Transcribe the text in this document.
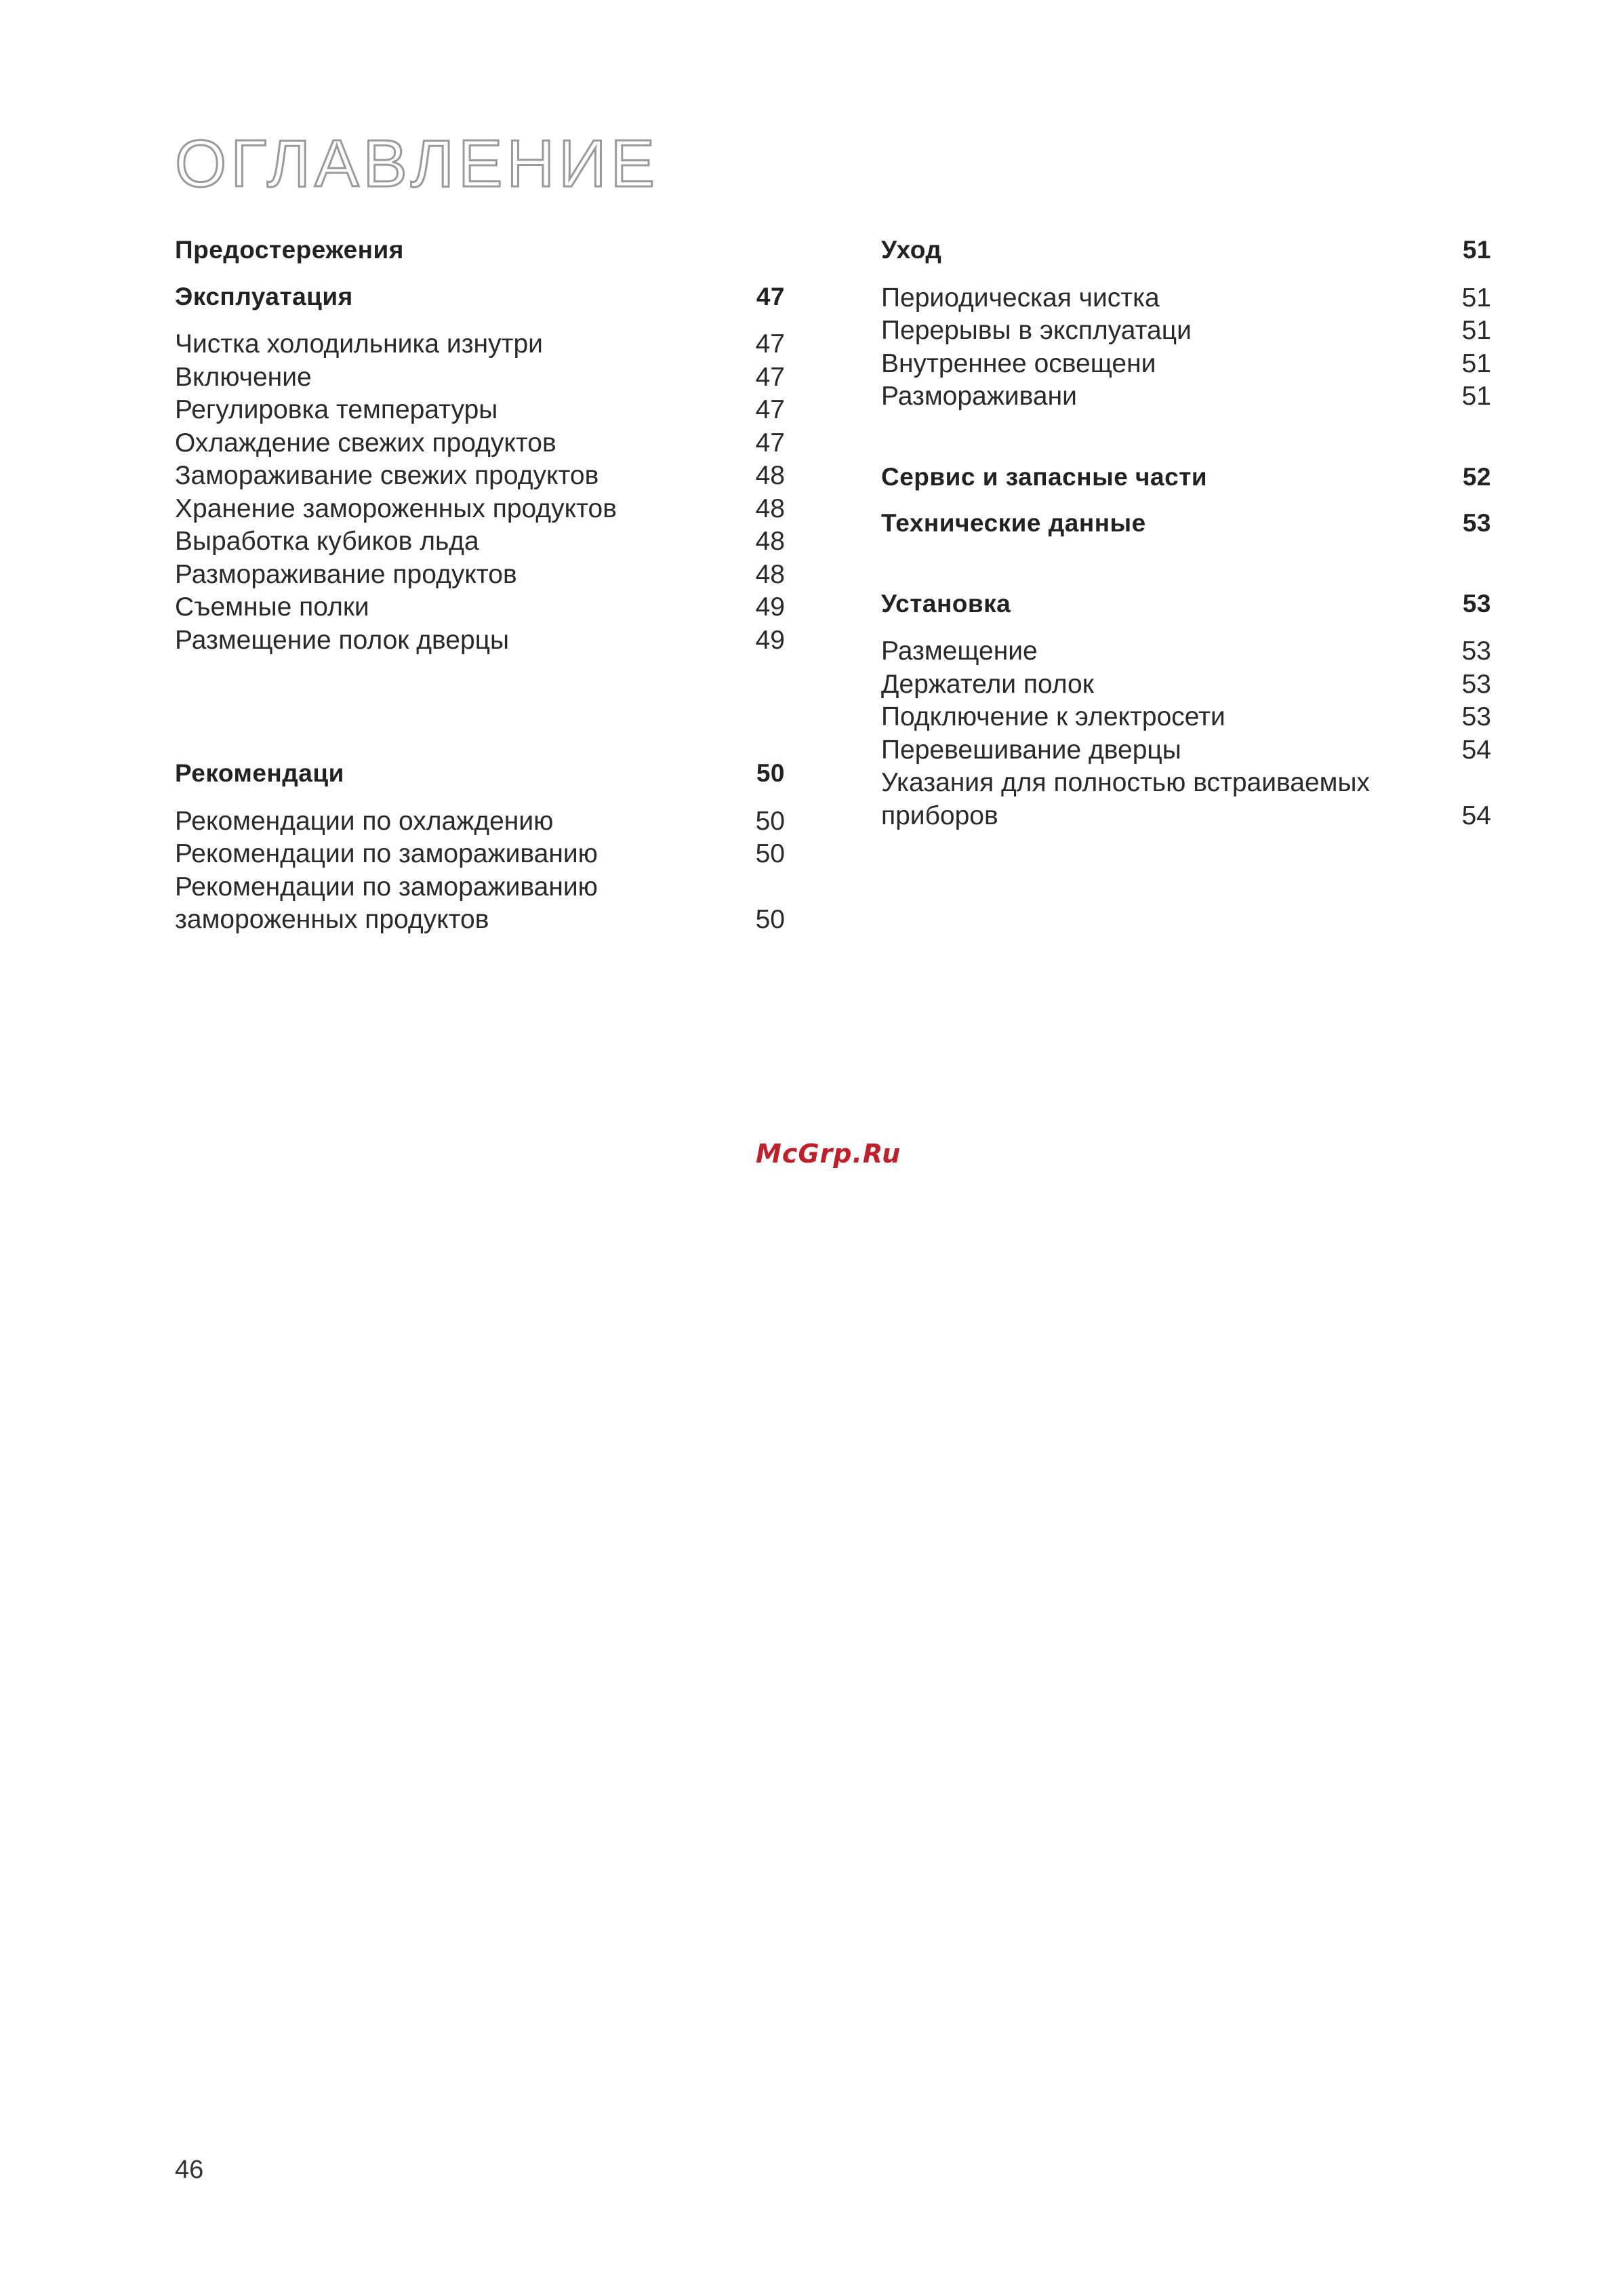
ОГЛАВЛЕНИЕ
Предостережения
Эксплуатация	47
Чистка холодильника изнутри	47
Включение	47
Регулировка температуры	47
Охлаждение свежих продуктов	47
Замораживание свежих продуктов	48
Хранение замороженных продуктов	48
Выработка кубиков льда	48
Размораживание продуктов	48
Съемные полки	49
Размещение полок дверцы	49
Рекомендаци	50
Рекомендации по охлаждению	50
Рекомендации по замораживанию	50
Рекомендации по замораживанию
замороженных продуктов	50
Уход	51
Периодическая чистка	51
Перерывы в эксплуатаци	51
Внутреннее освещени	51
Размораживани	51
Сервис и запасные части	52
Технические данные	53
Установка	53
Размещение	53
Держатели полок	53
Подключение к электросети	53
Перевешивание дверцы	54
Указания для полностью встраиваемых
приборов	54
McGrp.Ru
46
